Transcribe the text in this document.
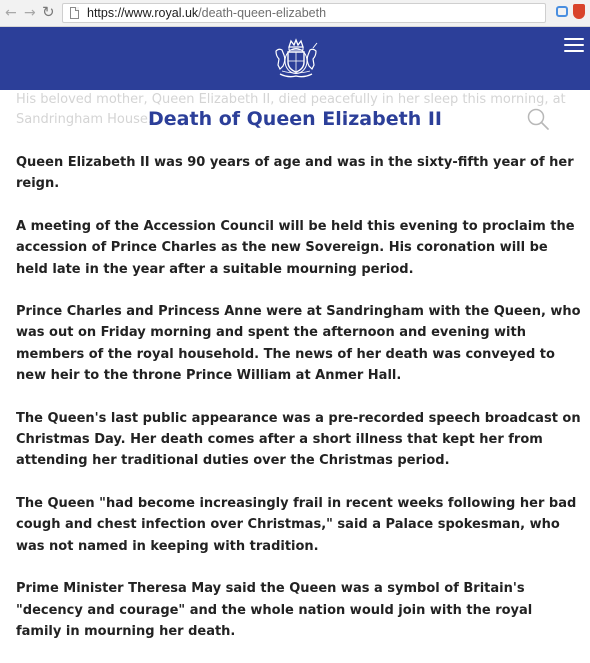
← → ↻	https://www.royal.uk/death-queen-elizabeth

His beloved mother, Queen Elizabeth II, died peacefully in her sleep this morning, at Sandringham House.

Death of Queen Elizabeth II

Queen Elizabeth II was 90 years of age and was in the sixty-fifth year of her reign.

A meeting of the Accession Council will be held this evening to proclaim the accession of Prince Charles as the new Sovereign. His coronation will be held late in the year after a suitable mourning period.

Prince Charles and Princess Anne were at Sandringham with the Queen, who was out on Friday morning and spent the afternoon and evening with members of the royal household. The news of her death was conveyed to new heir to the throne Prince William at Anmer Hall.

The Queen's last public appearance was a pre-recorded speech broadcast on Christmas Day. Her death comes after a short illness that kept her from attending her traditional duties over the Christmas period.

The Queen "had become increasingly frail in recent weeks following her bad cough and chest infection over Christmas," said a Palace spokesman, who was not named in keeping with tradition.

Prime Minister Theresa May said the Queen was a symbol of Britain's "decency and courage" and the whole nation would join with the royal family in mourning her death.
